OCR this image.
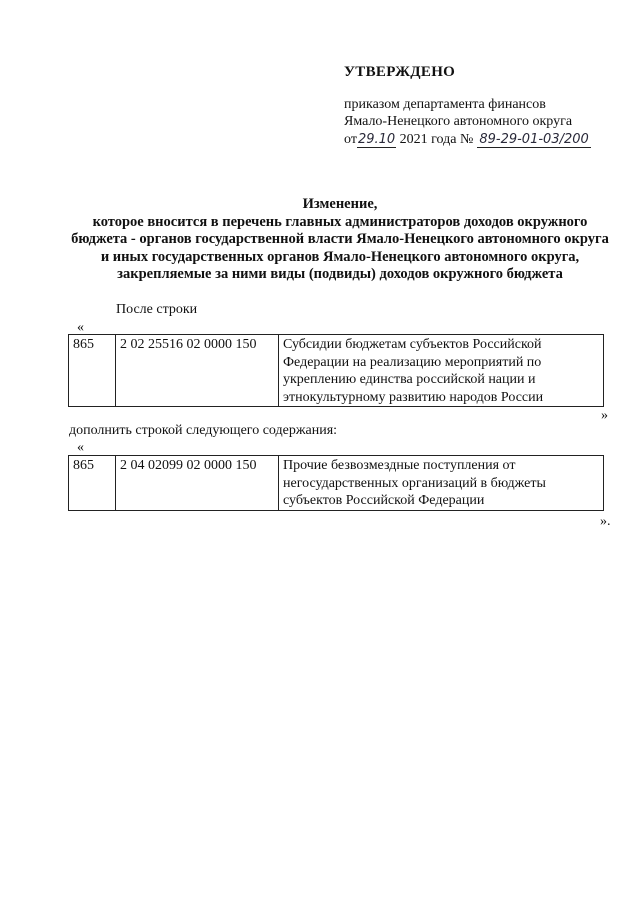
УТВЕРЖДЕНО
приказом департамента финансов
Ямало-Ненецкого автономного округа
от29.10 2021 года № 89-29-01-03/200
Изменение,
которое вносится в перечень главных администраторов доходов окружного бюджета - органов государственной власти Ямало-Ненецкого автономного округа и иных государственных органов Ямало-Ненецкого автономного округа, закрепляемые за ними виды (подвиды) доходов окружного бюджета
После строки
«
865	2 02 25516 02 0000 150	Субсидии бюджетам субъектов Российской Федерации на реализацию мероприятий по укреплению единства российской нации и этнокультурному развитию народов России
»
дополнить строкой следующего содержания:
«
865	2 04 02099 02 0000 150	Прочие безвозмездные поступления от негосударственных организаций в бюджеты субъектов Российской Федерации
».
